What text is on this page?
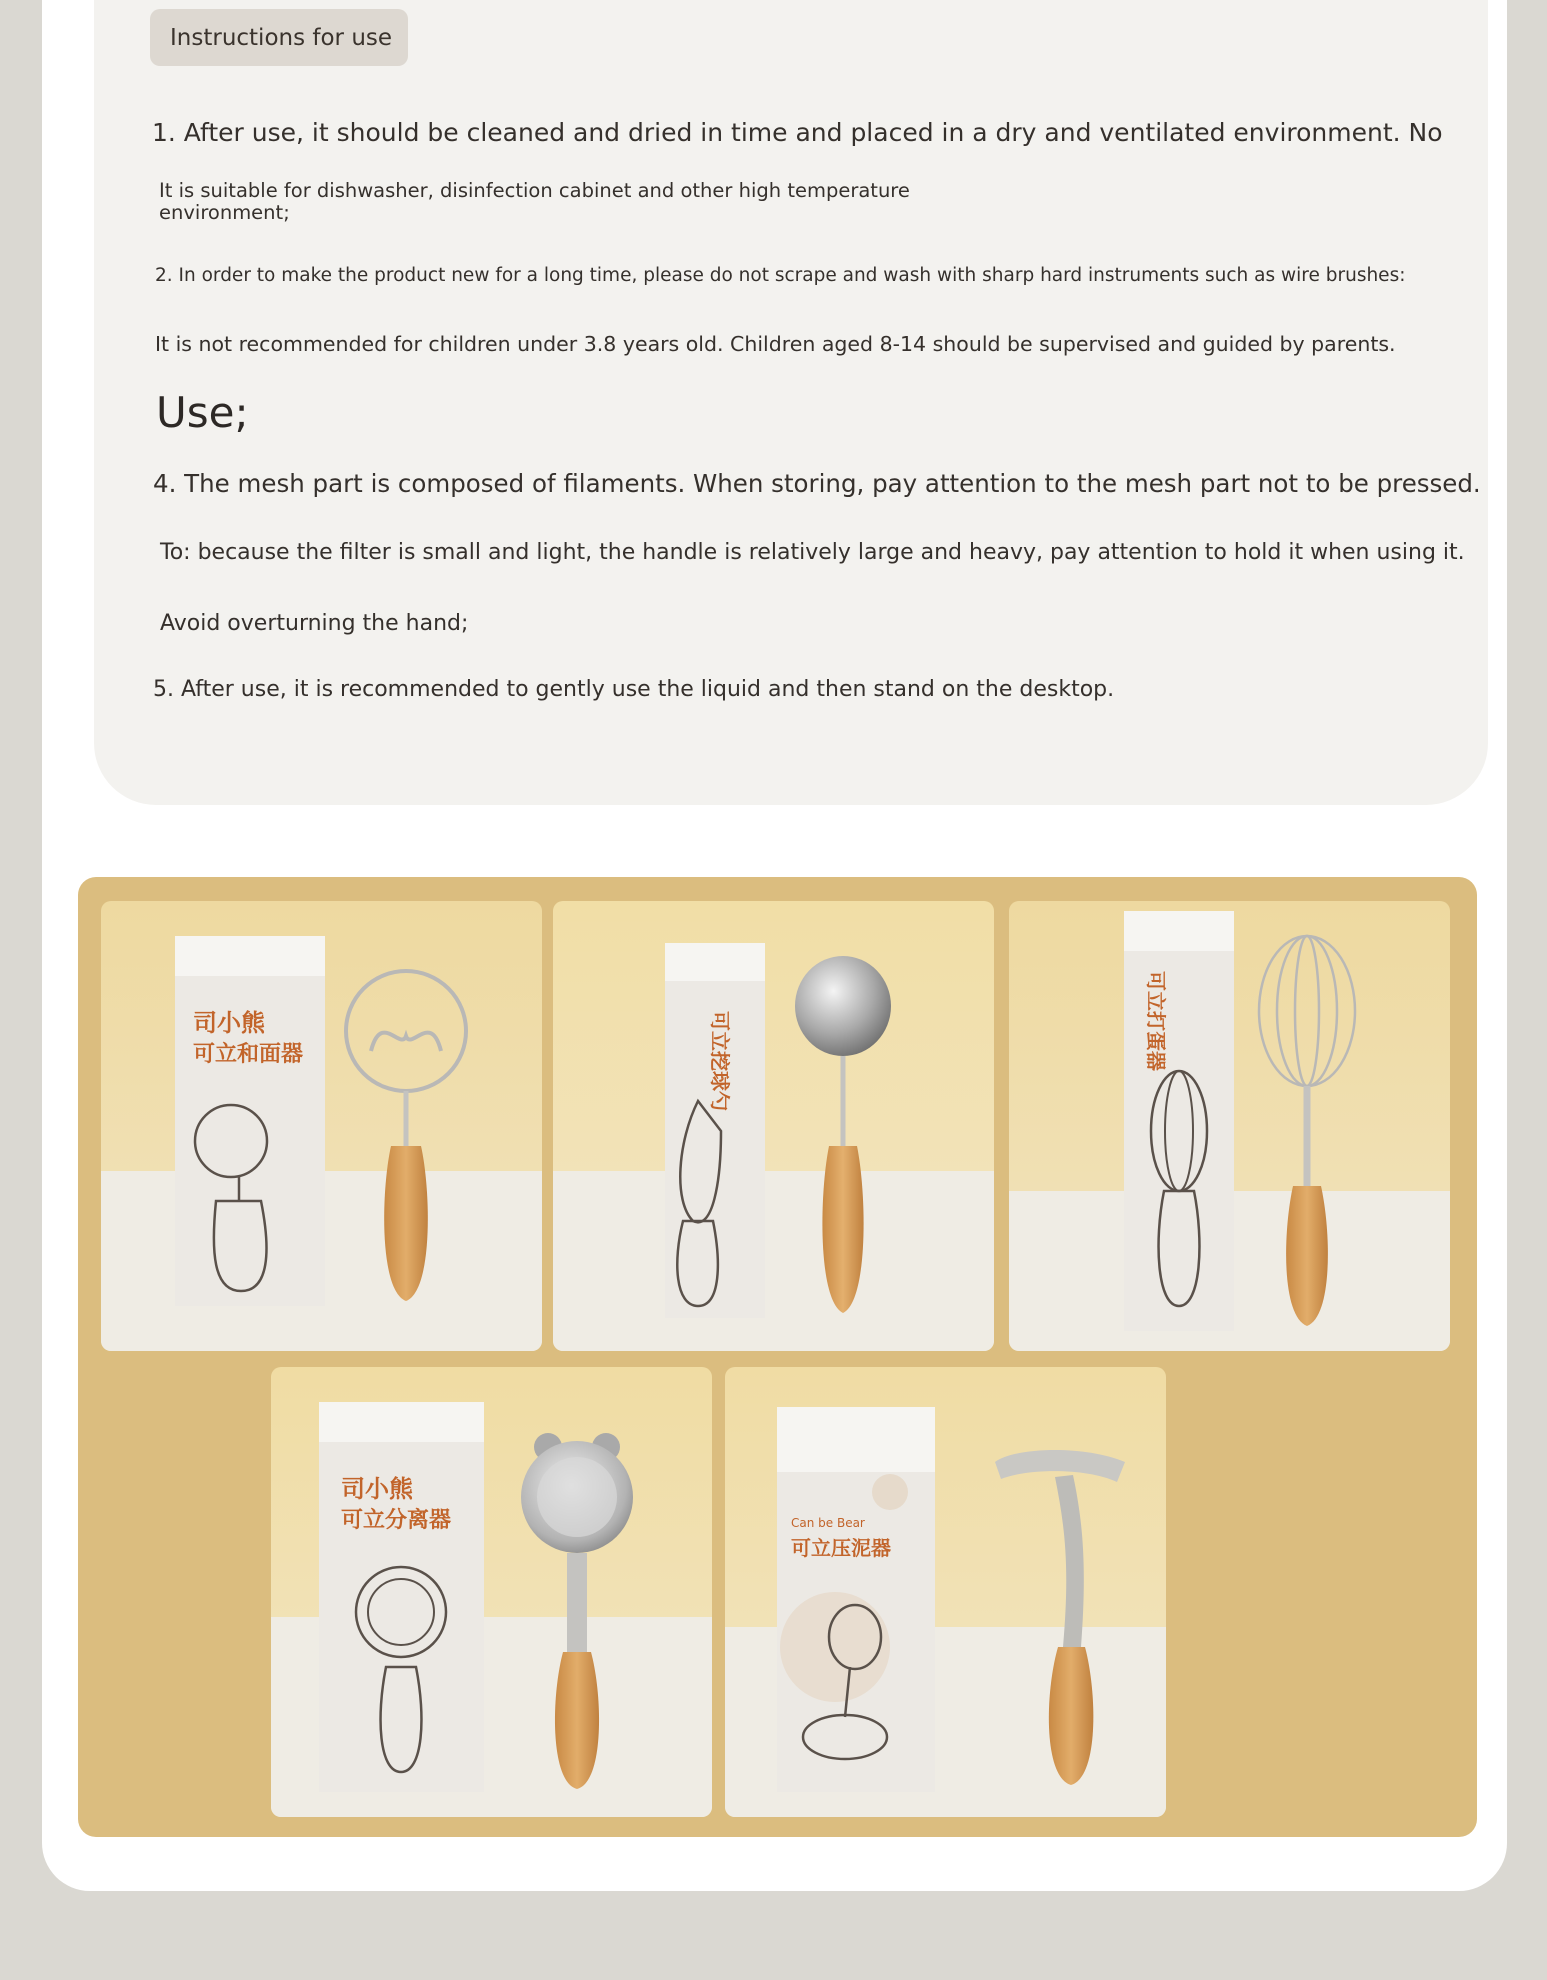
Instructions for use
1. After use, it should be cleaned and dried in time and placed in a dry and ventilated environment. No
It is suitable for dishwasher, disinfection cabinet and other high temperature environment;
2. In order to make the product new for a long time, please do not scrape and wash with sharp hard instruments such as wire brushes:
It is not recommended for children under 3.8 years old. Children aged 8-14 should be supervised and guided by parents.
Use;
4. The mesh part is composed of filaments. When storing, pay attention to the mesh part not to be pressed.
To: because the filter is small and light, the handle is relatively large and heavy, pay attention to hold it when using it.
Avoid overturning the hand;
5. After use, it is recommended to gently use the liquid and then stand on the desktop.
司小熊
可立和面器	可立挖球勺	可立打蛋器
司小熊
可立分离器	Can be Bear
可立压泥器
